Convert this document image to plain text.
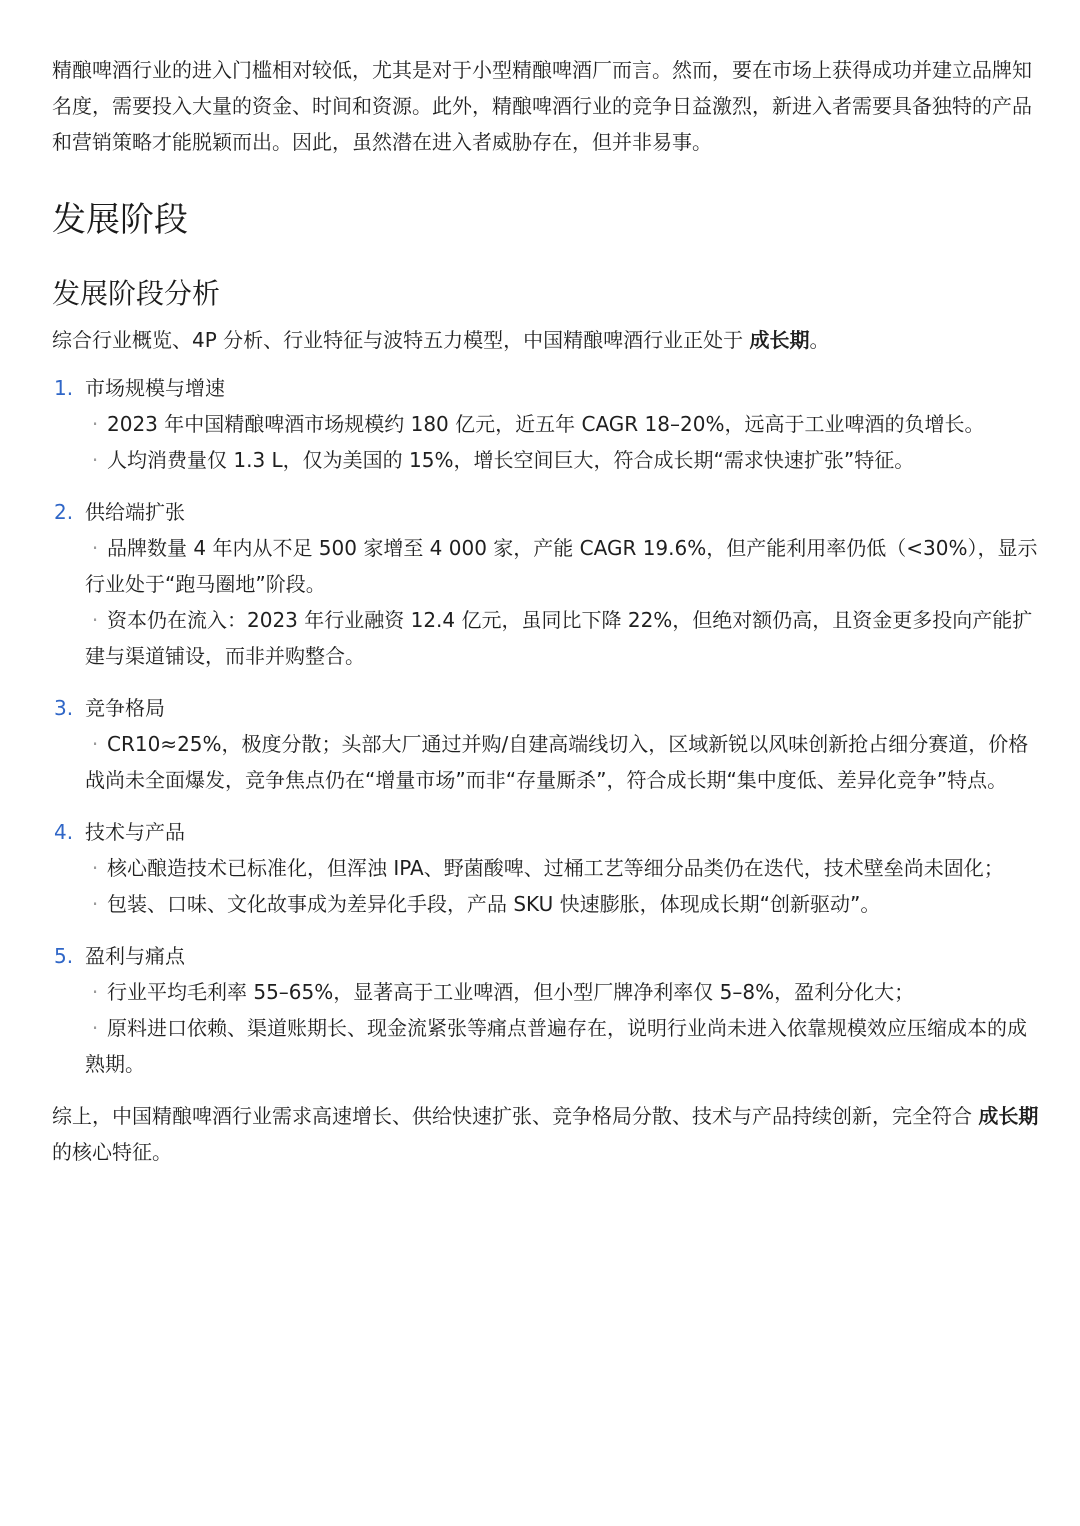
精酿啤酒行业的进入门槛相对较低，尤其是对于小型精酿啤酒厂而言。然而，要在市场上获得成功并建立品牌知名度，需要投入大量的资金、时间和资源。此外，精酿啤酒行业的竞争日益激烈，新进入者需要具备独特的产品和营销策略才能脱颖而出。因此，虽然潜在进入者威胁存在，但并非易事。

发展阶段
发展阶段分析

综合行业概览、4P 分析、行业特征与波特五力模型，中国精酿啤酒行业正处于 成长期。

1. 市场规模与增速

· 2023 年中国精酿啤酒市场规模约 180 亿元，近五年 CAGR 18–20%，远高于工业啤酒的负增长。

· 人均消费量仅 1.3 L，仅为美国的 15%，增长空间巨大，符合成长期“需求快速扩张”特征。

2. 供给端扩张

· 品牌数量 4 年内从不足 500 家增至 4 000 家，产能 CAGR 19.6%，但产能利用率仍低（<30%），显示行业处于“跑马圈地”阶段。

· 资本仍在流入：2023 年行业融资 12.4 亿元，虽同比下降 22%，但绝对额仍高，且资金更多投向产能扩建与渠道铺设，而非并购整合。

3. 竞争格局

· CR10≈25%，极度分散；头部大厂通过并购/自建高端线切入，区域新锐以风味创新抢占细分赛道，价格战尚未全面爆发，竞争焦点仍在“增量市场”而非“存量厮杀”，符合成长期“集中度低、差异化竞争”特点。

4. 技术与产品

· 核心酿造技术已标准化，但浑浊 IPA、野菌酸啤、过桶工艺等细分品类仍在迭代，技术壁垒尚未固化；

· 包装、口味、文化故事成为差异化手段，产品 SKU 快速膨胀，体现成长期“创新驱动”。

5. 盈利与痛点

· 行业平均毛利率 55–65%，显著高于工业啤酒，但小型厂牌净利率仅 5–8%，盈利分化大；

· 原料进口依赖、渠道账期长、现金流紧张等痛点普遍存在，说明行业尚未进入依靠规模效应压缩成本的成熟期。

综上，中国精酿啤酒行业需求高速增长、供给快速扩张、竞争格局分散、技术与产品持续创新，完全符合 成长期 的核心特征。
